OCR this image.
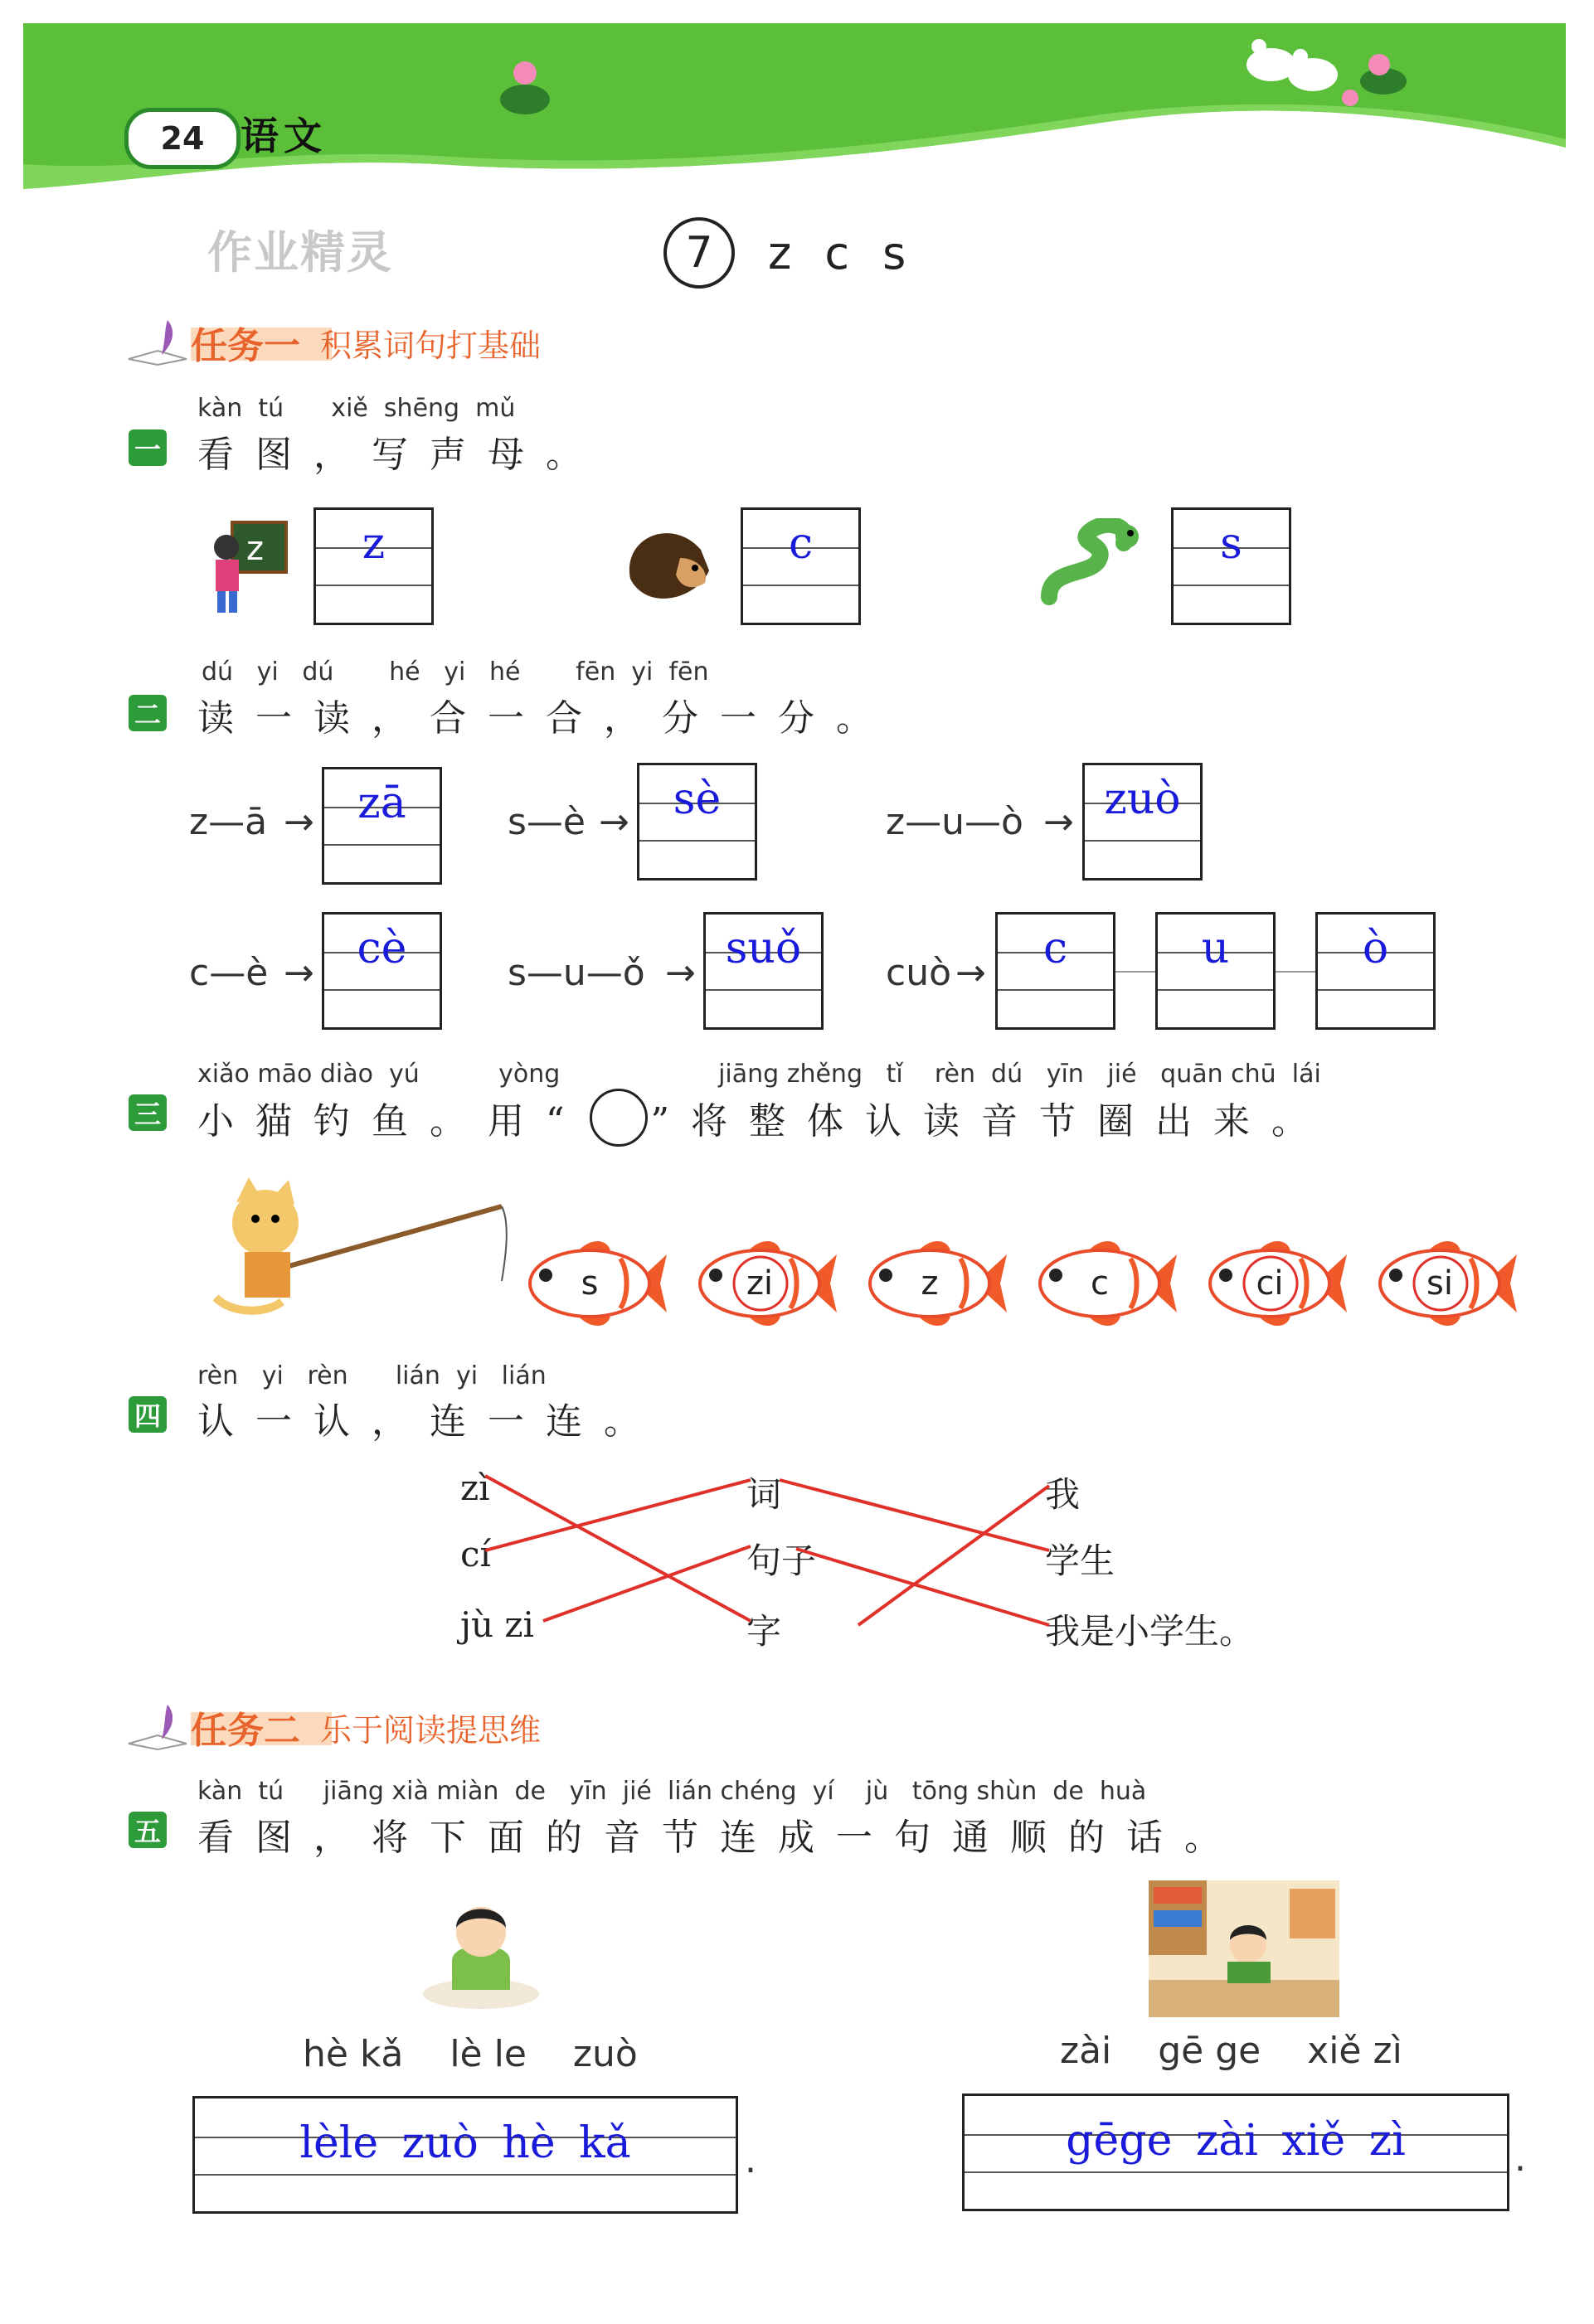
24 语文
作业精灵	7	z c s
任务一 积累词句打基础
kàn  tú      xiě  shēng  mǔ
一 看图，写声母。
z	z	c	s
dú   yi   dú       hé   yi   hé       fēn  yi  fēn
二 读一读，合一合，分一分。
z—ā →	zā	s—è →	sè	z—u—ò → zuò
c—è → cè	s—u—ǒ → suǒ	cuò →	c	u	ò
xiǎo māo diào  yú          yòng                    jiāng zhěng   tǐ    rèn  dú   yīn   jié   quān chū  lái
三 小猫钓鱼。用“ ”将整体认读音节圈出来。
rèn   yi   rèn      lián  yi   lián
四 认一认，连一连。
zì
cí
jù zi
词
句子
字
我
学生
我是小学生。
任务二 乐于阅读提思维
kàn  tú     jiāng xià miàn  de   yīn  jié  lián chéng  yí    jù   tōng shùn  de  huà
五 看图，将下面的音节连成一句通顺的话。
hè kǎ    lè le    zuò
lèle zuò hè kǎ	.
zài    gē ge    xiě zì
gēge zài xiě zì	.
s	zi	z	c	ci	si
